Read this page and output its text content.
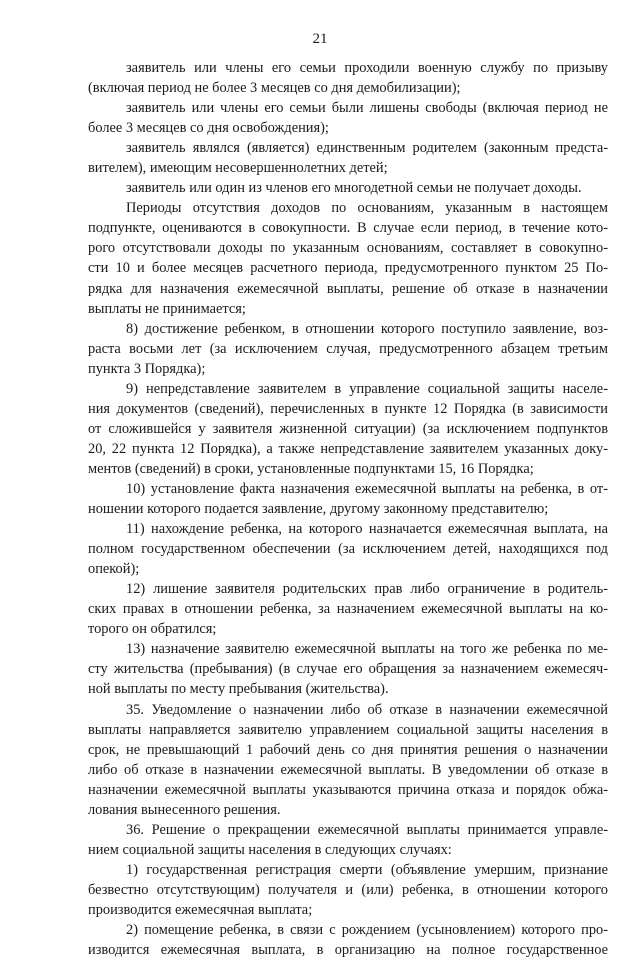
21
заявитель или члены его семьи проходили военную службу по призыву
(включая период не более 3 месяцев со дня демобилизации);
заявитель или члены его семьи были лишены свободы (включая период не
более 3 месяцев со дня освобождения);
заявитель являлся (является) единственным родителем (законным предста-
вителем), имеющим несовершеннолетних детей;
заявитель или один из членов его многодетной семьи не получает доходы.
Периоды отсутствия доходов по основаниям, указанным в настоящем
подпункте, оцениваются в совокупности. В случае если период, в течение кото-
рого отсутствовали доходы по указанным основаниям, составляет в совокупно-
сти 10 и более месяцев расчетного периода, предусмотренного пунктом 25 По-
рядка для назначения ежемесячной выплаты, решение об отказе в назначении
выплаты не принимается;
8) достижение ребенком, в отношении которого поступило заявление, воз-
раста восьми лет (за исключением случая, предусмотренного абзацем третьим
пункта 3 Порядка);
9) непредставление заявителем в управление социальной защиты населе-
ния документов (сведений), перечисленных в пункте 12 Порядка (в зависимости
от сложившейся у заявителя жизненной ситуации) (за исключением подпунктов
20, 22 пункта 12 Порядка), а также непредставление заявителем указанных доку-
ментов (сведений) в сроки, установленные подпунктами 15, 16 Порядка;
10) установление факта назначения ежемесячной выплаты на ребенка, в от-
ношении которого подается заявление, другому законному представителю;
11) нахождение ребенка, на которого назначается ежемесячная выплата, на
полном государственном обеспечении (за исключением детей, находящихся под
опекой);
12) лишение заявителя родительских прав либо ограничение в родитель-
ских правах в отношении ребенка, за назначением ежемесячной выплаты на ко-
торого он обратился;
13) назначение заявителю ежемесячной выплаты на того же ребенка по ме-
сту жительства (пребывания) (в случае его обращения за назначением ежемесяч-
ной выплаты по месту пребывания (жительства).
35. Уведомление о назначении либо об отказе в назначении ежемесячной
выплаты направляется заявителю управлением социальной защиты населения в
срок, не превышающий 1 рабочий день со дня принятия решения о назначении
либо об отказе в назначении ежемесячной выплаты. В уведомлении об отказе в
назначении ежемесячной выплаты указываются причина отказа и порядок обжа-
лования вынесенного решения.
36. Решение о прекращении ежемесячной выплаты принимается управле-
нием социальной защиты населения в следующих случаях:
1) государственная регистрация смерти (объявление умершим, признание
безвестно отсутствующим) получателя и (или) ребенка, в отношении которого
производится ежемесячная выплата;
2) помещение ребенка, в связи с рождением (усыновлением) которого про-
изводится ежемесячная выплата, в организацию на полное государственное
